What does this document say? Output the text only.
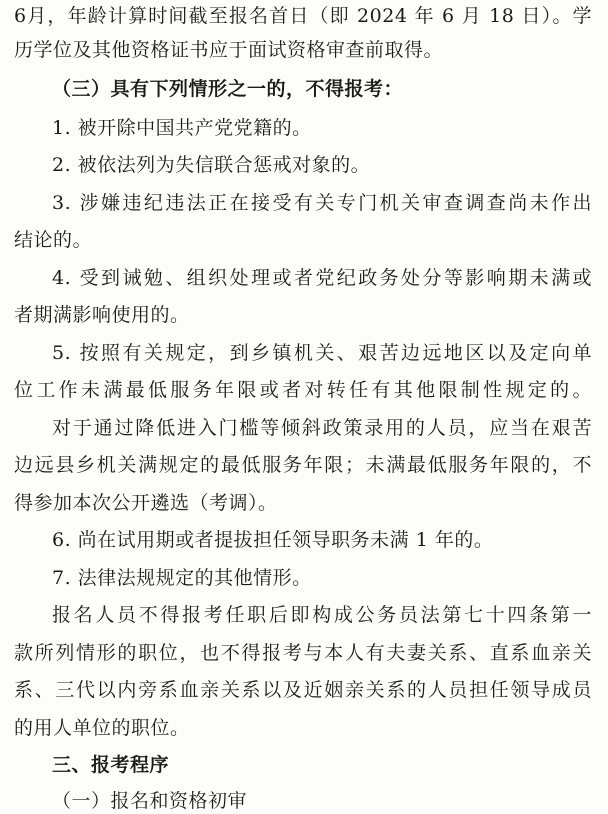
6月，年龄计算时间截至报名首日（即 2024 年 6 月 18 日）。学
历学位及其他资格证书应于面试资格审查前取得。
（三）具有下列情形之一的，不得报考：
1. 被开除中国共产党党籍的。
2. 被依法列为失信联合惩戒对象的。
3. 涉嫌违纪违法正在接受有关专门机关审查调查尚未作出
结论的。
4. 受到诫勉、组织处理或者党纪政务处分等影响期未满或
者期满影响使用的。
5. 按照有关规定，到乡镇机关、艰苦边远地区以及定向单
位工作未满最低服务年限或者对转任有其他限制性规定的。
对于通过降低进入门槛等倾斜政策录用的人员，应当在艰苦
边远县乡机关满规定的最低服务年限；未满最低服务年限的，不
得参加本次公开遴选（考调）。
6. 尚在试用期或者提拔担任领导职务未满 1 年的。
7. 法律法规规定的其他情形。
报名人员不得报考任职后即构成公务员法第七十四条第一
款所列情形的职位，也不得报考与本人有夫妻关系、直系血亲关
系、三代以内旁系血亲关系以及近姻亲关系的人员担任领导成员
的用人单位的职位。
三、报考程序
（一）报名和资格初审
